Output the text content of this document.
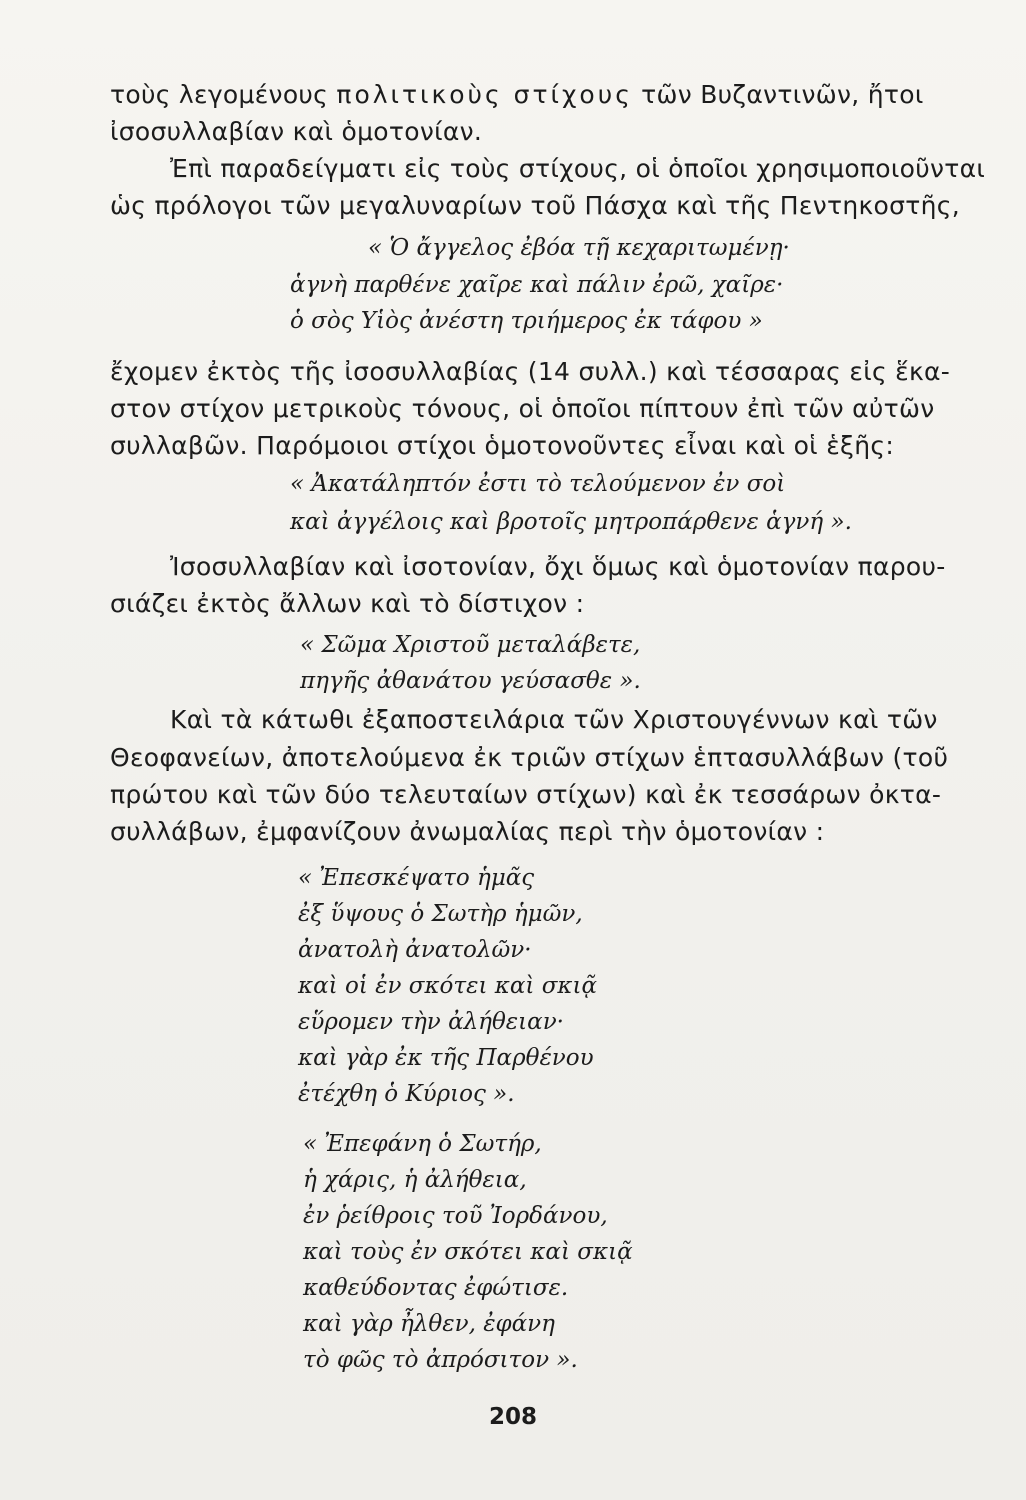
τοὺς λεγομένους πολιτικοὺς στίχους τῶν Βυζαντινῶν, ἤτοι
ἰσοσυλλαβίαν καὶ ὁμοτονίαν.
Ἐπὶ παραδείγματι εἰς τοὺς στίχους, οἱ ὁποῖοι χρησιμοποιοῦνται
ὡς πρόλογοι τῶν μεγαλυναρίων τοῦ Πάσχα καὶ τῆς Πεντηκοστῆς,
« Ὁ ἄγγελος ἐβόα τῇ κεχαριτωμένῃ·
ἁγνὴ παρθένε χαῖρε καὶ πάλιν ἐρῶ, χαῖρε·
ὁ σὸς Υἱὸς ἀνέστη τριήμερος ἐκ τάφου »
ἔχομεν ἐκτὸς τῆς ἰσοσυλλαβίας (14 συλλ.) καὶ τέσσαρας εἰς ἕκα-
στον στίχον μετρικοὺς τόνους, οἱ ὁποῖοι πίπτουν ἐπὶ τῶν αὐτῶν
συλλαβῶν. Παρόμοιοι στίχοι ὁμοτονοῦντες εἶναι καὶ οἱ ἑξῆς:
« Ἀκατάληπτόν ἐστι τὸ τελούμενον ἐν σοὶ
καὶ ἀγγέλοις καὶ βροτοῖς μητροπάρθενε ἁγνή ».
Ἰσοσυλλαβίαν καὶ ἰσοτονίαν, ὄχι ὅμως καὶ ὁμοτονίαν παρου-
σιάζει ἐκτὸς ἄλλων καὶ τὸ δίστιχον :
« Σῶμα Χριστοῦ μεταλάβετε,
πηγῆς ἀθανάτου γεύσασθε ».
Καὶ τὰ κάτωθι ἐξαποστειλάρια τῶν Χριστουγέννων καὶ τῶν
Θεοφανείων, ἀποτελούμενα ἐκ τριῶν στίχων ἑπτασυλλάβων (τοῦ
πρώτου καὶ τῶν δύο τελευταίων στίχων) καὶ ἐκ τεσσάρων ὀκτα-
συλλάβων, ἐμφανίζουν ἀνωμαλίας περὶ τὴν ὁμοτονίαν :
« Ἐπεσκέψατο ἡμᾶς
ἐξ ὕψους ὁ Σωτὴρ ἡμῶν,
ἀνατολὴ ἀνατολῶν·
καὶ οἱ ἐν σκότει καὶ σκιᾷ
εὕρομεν τὴν ἀλήθειαν·
καὶ γὰρ ἐκ τῆς Παρθένου
ἐτέχθη ὁ Κύριος ».
« Ἐπεφάνη ὁ Σωτήρ,
ἡ χάρις, ἡ ἀλήθεια,
ἐν ῥείθροις τοῦ Ἰορδάνου,
καὶ τοὺς ἐν σκότει καὶ σκιᾷ
καθεύδοντας ἐφώτισε.
καὶ γὰρ ἦλθεν, ἐφάνη
τὸ φῶς τὸ ἀπρόσιτον ».
208
